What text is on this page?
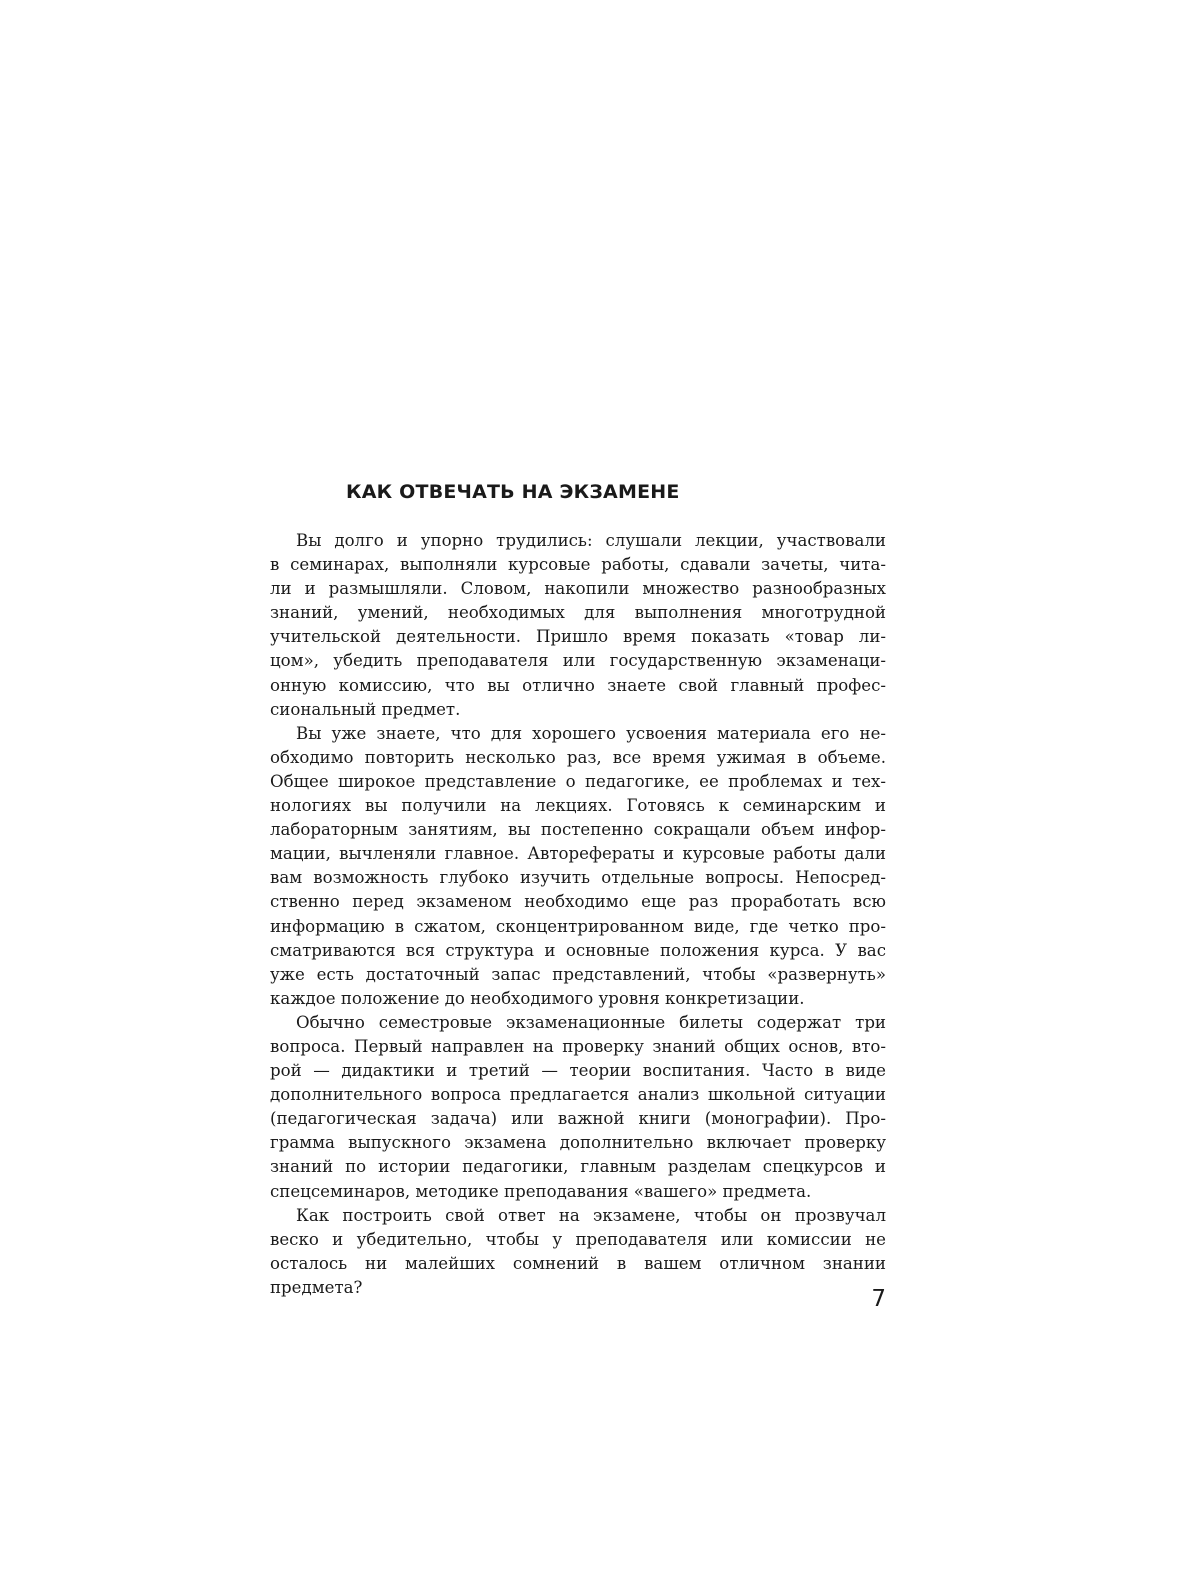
КАК ОТВЕЧАТЬ НА ЭКЗАМЕНЕ
Вы долго и упорно трудились: слушали лекции, участвовали
в семинарах, выполняли курсовые работы, сдавали зачеты, чита-
ли и размышляли. Словом, накопили множество разнообразных
знаний, умений, необходимых для выполнения многотрудной
учительской деятельности. Пришло время показать «товар ли-
цом», убедить преподавателя или государственную экзаменаци-
онную комиссию, что вы отлично знаете свой главный профес-
сиональный предмет.
Вы уже знаете, что для хорошего усвоения материала его не-
обходимо повторить несколько раз, все время ужимая в объеме.
Общее широкое представление о педагогике, ее проблемах и тех-
нологиях вы получили на лекциях. Готовясь к семинарским и
лабораторным занятиям, вы постепенно сокращали объем инфор-
мации, вычленяли главное. Авторефераты и курсовые работы дали
вам возможность глубоко изучить отдельные вопросы. Непосред-
ственно перед экзаменом необходимо еще раз проработать всю
информацию в сжатом, сконцентрированном виде, где четко про-
сматриваются вся структура и основные положения курса. У вас
уже есть достаточный запас представлений, чтобы «развернуть»
каждое положение до необходимого уровня конкретизации.
Обычно семестровые экзаменационные билеты содержат три
вопроса. Первый направлен на проверку знаний общих основ, вто-
рой — дидактики и третий — теории воспитания. Часто в виде
дополнительного вопроса предлагается анализ школьной ситуации
(педагогическая задача) или важной книги (монографии). Про-
грамма выпускного экзамена дополнительно включает проверку
знаний по истории педагогики, главным разделам спецкурсов и
спецсеминаров, методике преподавания «вашего» предмета.
Как построить свой ответ на экзамене, чтобы он прозвучал
веско и убедительно, чтобы у преподавателя или комиссии не
осталось ни малейших сомнений в вашем отличном знании
предмета?	7
